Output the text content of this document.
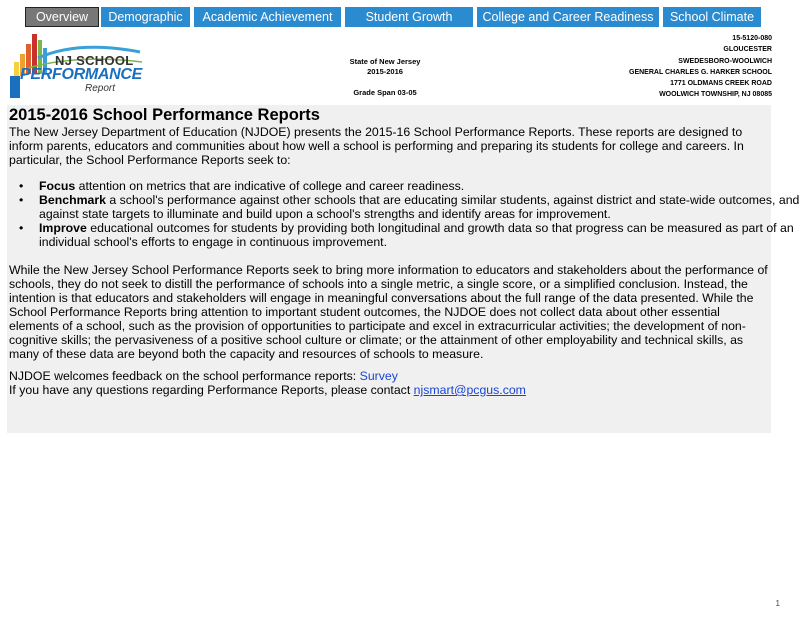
Overview	Demographic	Academic Achievement	Student Growth	College and Career Readiness	School Climate
NJ SCHOOL
PERFORMANCE
Report
State of New Jersey
2015-2016
Grade Span 03-05
15-5120-080
GLOUCESTER
SWEDESBORO-WOOLWICH
GENERAL CHARLES G. HARKER SCHOOL
1771 OLDMANS CREEK ROAD
WOOLWICH TOWNSHIP, NJ 08085
2015-2016 School Performance Reports
The New Jersey Department of Education (NJDOE) presents the 2015-16 School Performance Reports. These reports are designed to inform parents, educators and communities about how well a school is performing and preparing its students for college and careers. In particular, the School Performance Reports seek to:
• Focus attention on metrics that are indicative of college and career readiness.
• Benchmark a school's performance against other schools that are educating similar students, against district and state-wide outcomes, and against state targets to illuminate and build upon a school's strengths and identify areas for improvement.
• Improve educational outcomes for students by providing both longitudinal and growth data so that progress can be measured as part of an individual school's efforts to engage in continuous improvement.
While the New Jersey School Performance Reports seek to bring more information to educators and stakeholders about the performance of schools, they do not seek to distill the performance of schools into a single metric, a single score, or a simplified conclusion. Instead, the intention is that educators and stakeholders will engage in meaningful conversations about the full range of the data presented. While the School Performance Reports bring attention to important student outcomes, the NJDOE does not collect data about other essential elements of a school, such as the provision of opportunities to participate and excel in extracurricular activities; the development of non-cognitive skills; the pervasiveness of a positive school culture or climate; or the attainment of other employability and technical skills, as many of these data are beyond both the capacity and resources of schools to measure.
NJDOE welcomes feedback on the school performance reports: Survey
If you have any questions regarding Performance Reports, please contact njsmart@pcgus.com
1
